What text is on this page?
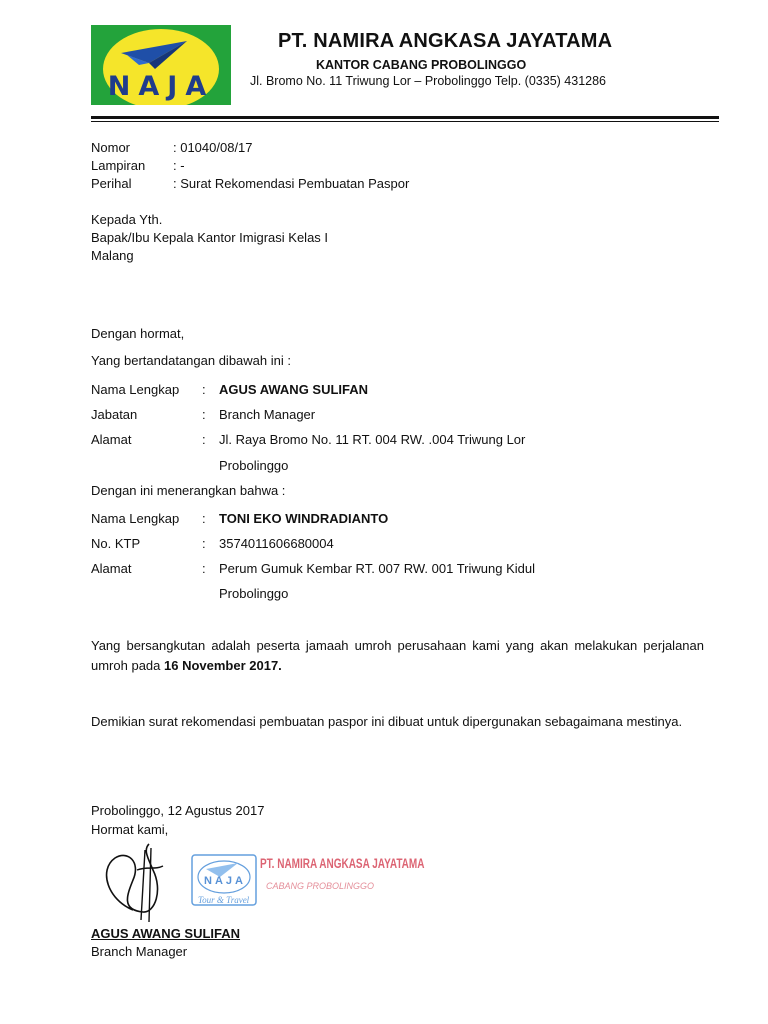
NAJA
PT. NAMIRA ANGKASA JAYATAMA
KANTOR CABANG PROBOLINGGO
Jl. Bromo No. 11 Triwung Lor – Probolinggo Telp. (0335) 431286
Nomor	: 01040/08/17
Lampiran : -
Perihal	: Surat Rekomendasi Pembuatan Paspor
Kepada Yth.
Bapak/Ibu Kepala Kantor Imigrasi Kelas I
Malang
Dengan hormat,
Yang bertandatangan dibawah ini :
Nama Lengkap : AGUS AWANG SULIFAN
Jabatan	: Branch Manager
Alamat	: Jl. Raya Bromo No. 11 RT. 004 RW. .004 Triwung Lor
Probolinggo
Dengan ini menerangkan bahwa :
Nama Lengkap : TONI EKO WINDRADIANTO
No. KTP	: 3574011606680004
Alamat	: Perum Gumuk Kembar RT. 007 RW. 001 Triwung Kidul
Probolinggo
Yang bersangkutan adalah peserta jamaah umroh perusahaan kami yang akan melakukan perjalanan umroh pada 16 November 2017.
Demikian surat rekomendasi pembuatan paspor ini dibuat untuk dipergunakan sebagaimana mestinya.
Probolinggo, 12 Agustus 2017
Hormat kami,
NAJA
Tour & Travel
PT. NAMIRA ANGKASA JAYATAMA
CABANG PROBOLINGGO
AGUS AWANG SULIFAN
Branch Manager
